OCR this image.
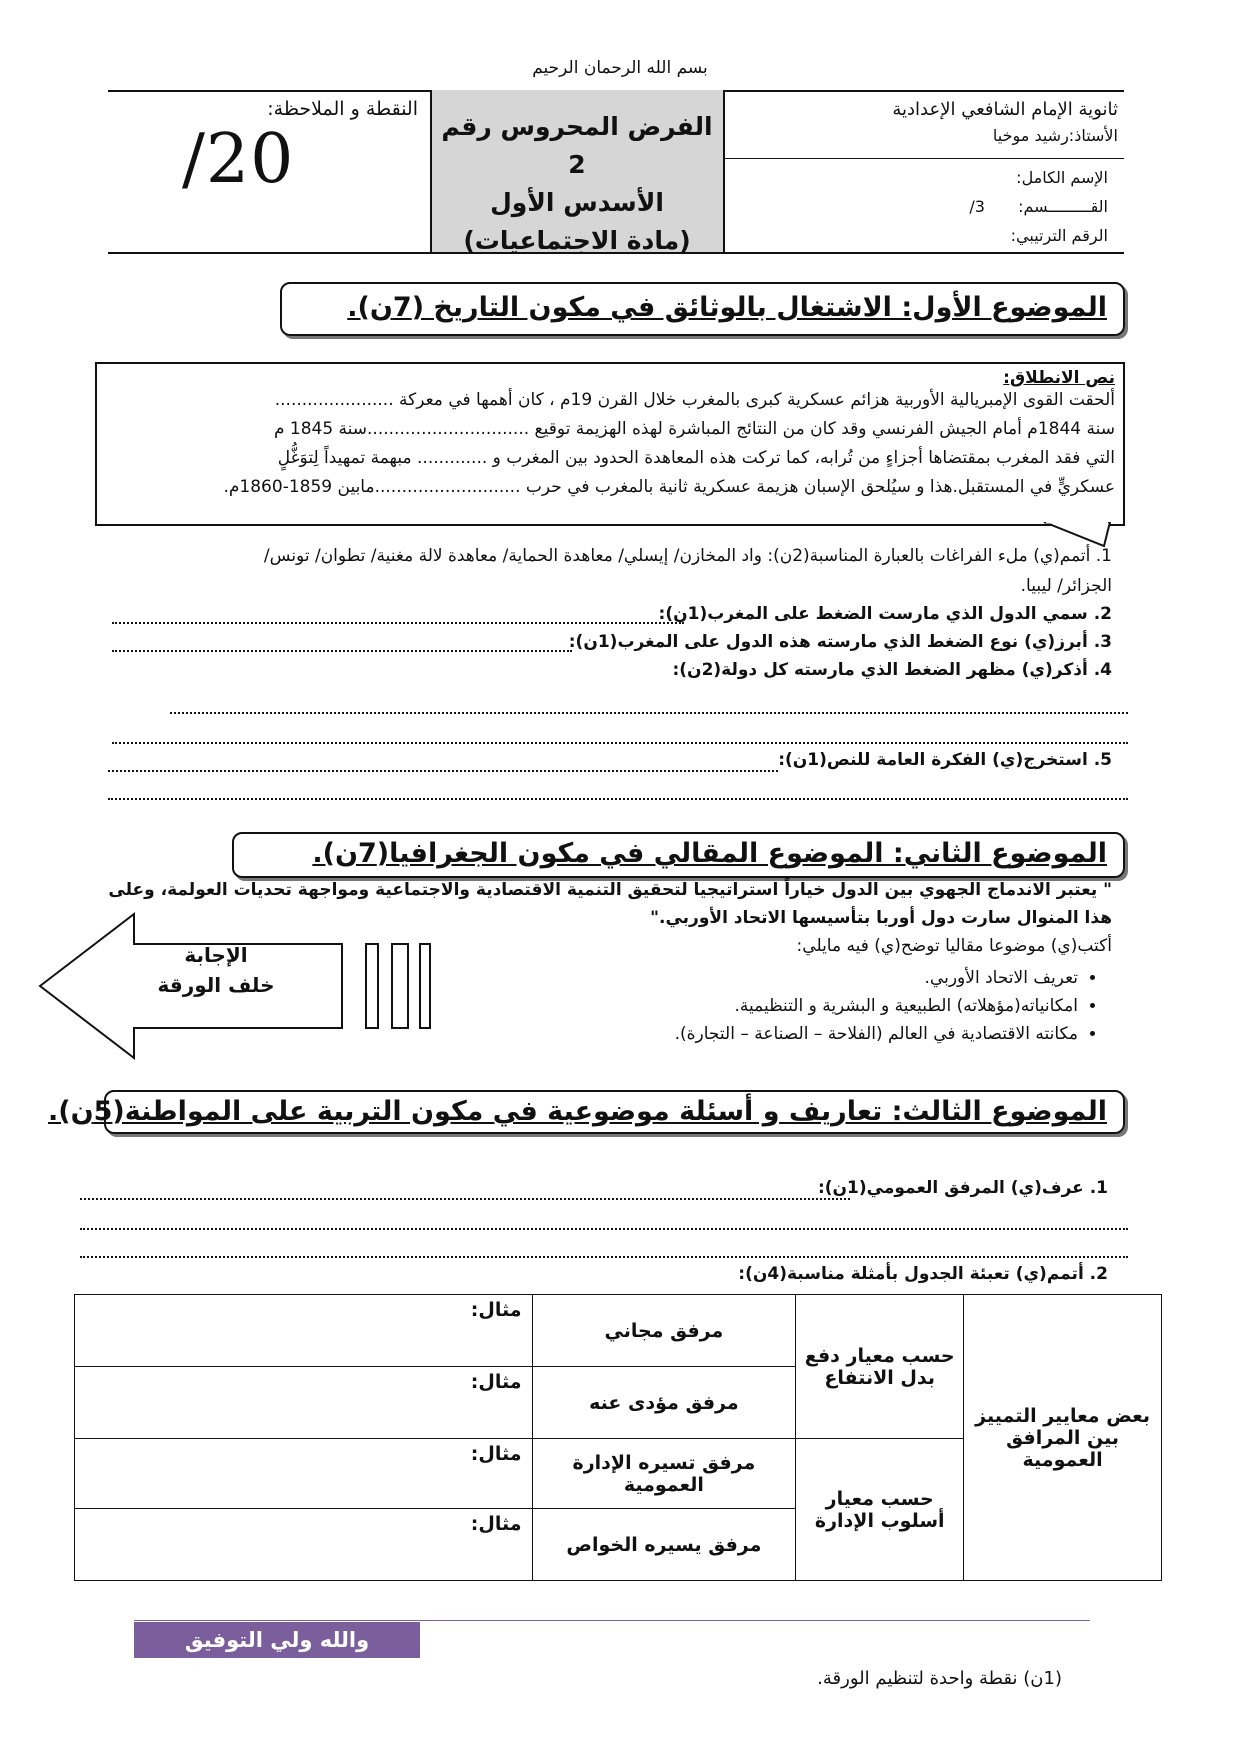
بسم الله الرحمان الرحيم
ثانوية الإمام الشافعي الإعدادية
الأستاذ:رشيد موخيا
الإسم الكامل:
القـــــــــسم: 3/
الرقم الترتيبي:
الفرض المحروس رقم 2
الأسدس الأول
(مادة الاجتماعيات)
النقطة و الملاحظة:
/20
الموضوع الأول: الاشتغال بالوثائق في مكون التاريخ (7ن).
نص الانطلاق:
ألحقت القوى الإمبريالية الأوربية هزائم عسكرية كبرى بالمغرب خلال القرن 19م ، كان أهمها في معركة ......................
سنة 1844م أمام الجيش الفرنسي وقد كان من النتائج المباشرة لهذه الهزيمة توقيع ..............................سنة 1845 م
التي فقد المغرب بمقتضاها أجزاءٍ من تُرابه، كما تركت هذه المعاهدة الحدود بين المغرب و ............. مبهمة تمهيداً لِتوَغُّلٍ
عسكريٍّ في المستقبل.هذا و سيُلحق الإسبان هزيمة عسكرية ثانية بالمغرب في حرب ...........................مابين 1859-1860م.
1. أتمم(ي) ملء الفراغات بالعبارة المناسبة(2ن): واد المخازن/ إيسلي/ معاهدة الحماية/ معاهدة لالة مغنية/ تطوان/ تونس/
الجزائر/ ليبيا.
2. سمي الدول الذي مارست الضغط على المغرب(1ن):
3. أبرز(ي) نوع الضغط الذي مارسته هذه الدول على المغرب(1ن):
4. أذكر(ي) مظهر الضغط الذي مارسته كل دولة(2ن):
5. استخرج(ي) الفكرة العامة للنص(1ن):
الموضوع الثاني: الموضوع المقالي في مكون الجغرافيا(7ن).
" يعتبر الاندماج الجهوي بين الدول خياراً استراتيجيا لتحقيق التنمية الاقتصادية والاجتماعية ومواجهة تحديات العولمة، وعلى
هذا المنوال سارت دول أوربا بتأسيسها الاتحاد الأوربي."
أكتب(ي) موضوعا مقاليا توضح(ي) فيه مايلي:
• تعريف الاتحاد الأوربي.
• امكانياته(مؤهلاته) الطبيعية و البشرية و التنظيمية.
• مكانته الاقتصادية في العالم (الفلاحة – الصناعة – التجارة).
الإجابة
خلف الورقة
الموضوع الثالث: تعاريف و أسئلة موضوعية في مكون التربية على المواطنة(5ن).
1. عرف(ي) المرفق العمومي(1ن):
2. أتمم(ي) تعبئة الجدول بأمثلة مناسبة(4ن):
بعض معايير التمييز بين المرافق العمومية	حسب معيار دفع بدل الانتفاع	مرفق مجاني	مثال:
		مرفق مؤدى عنه	مثال:
	حسب معيار أسلوب الإدارة	مرفق تسيره الإدارة العمومية	مثال:
		مرفق يسيره الخواص	مثال:
والله ولي التوفيق
(1ن) نقطة واحدة لتنظيم الورقة.
